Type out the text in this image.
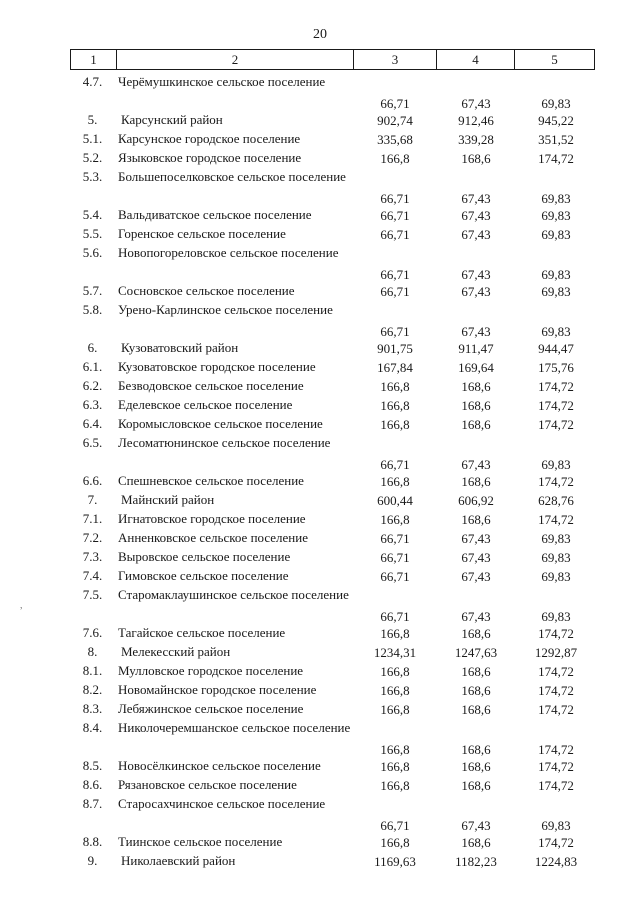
20
1	2	3	4	5
4.7.	Черёмушкинское сельское поселение
66,71	67,43	69,83
5.	Карсунский район	902,74	912,46	945,22
5.1.	Карсунское городское поселение	335,68	339,28	351,52
5.2.	Языковское городское поселение	166,8	168,6	174,72
5.3.	Большепоселковское сельское поселение
66,71	67,43	69,83
5.4.	Вальдиватское сельское поселение	66,71	67,43	69,83
5.5.	Горенское сельское поселение	66,71	67,43	69,83
5.6.	Новопогореловское сельское поселение
66,71	67,43	69,83
5.7.	Сосновское сельское поселение	66,71	67,43	69,83
5.8.	Урено-Карлинское сельское поселение
66,71	67,43	69,83
6.	Кузоватовский район	901,75	911,47	944,47
6.1.	Кузоватовское городское поселение	167,84	169,64	175,76
6.2.	Безводовское сельское поселение	166,8	168,6	174,72
6.3.	Еделевское сельское поселение	166,8	168,6	174,72
6.4.	Коромысловское сельское поселение	166,8	168,6	174,72
6.5.	Лесоматюнинское сельское поселение
66,71	67,43	69,83
6.6.	Спешневское сельское поселение	166,8	168,6	174,72
7.	Майнский район	600,44	606,92	628,76
7.1.	Игнатовское городское поселение	166,8	168,6	174,72
7.2.	Анненковское сельское поселение	66,71	67,43	69,83
7.3.	Выровское сельское поселение	66,71	67,43	69,83
7.4.	Гимовское сельское поселение	66,71	67,43	69,83
7.5.	Старомаклаушинское сельское поселение
66,71	67,43	69,83
7.6.	Тагайское сельское поселение	166,8	168,6	174,72
8.	Мелекесский район	1234,31	1247,63	1292,87
8.1.	Мулловское городское поселение	166,8	168,6	174,72
8.2.	Новомайнское городское поселение	166,8	168,6	174,72
8.3.	Лебяжинское сельское поселение	166,8	168,6	174,72
8.4.	Николочеремшанское сельское поселение
166,8	168,6	174,72
8.5.	Новосёлкинское сельское поселение	166,8	168,6	174,72
8.6.	Рязановское сельское поселение	166,8	168,6	174,72
8.7.	Старосахчинское сельское поселение
66,71	67,43	69,83
8.8.	Тиинское сельское поселение	166,8	168,6	174,72
9.	Николаевский район	1169,63	1182,23	1224,83
,
